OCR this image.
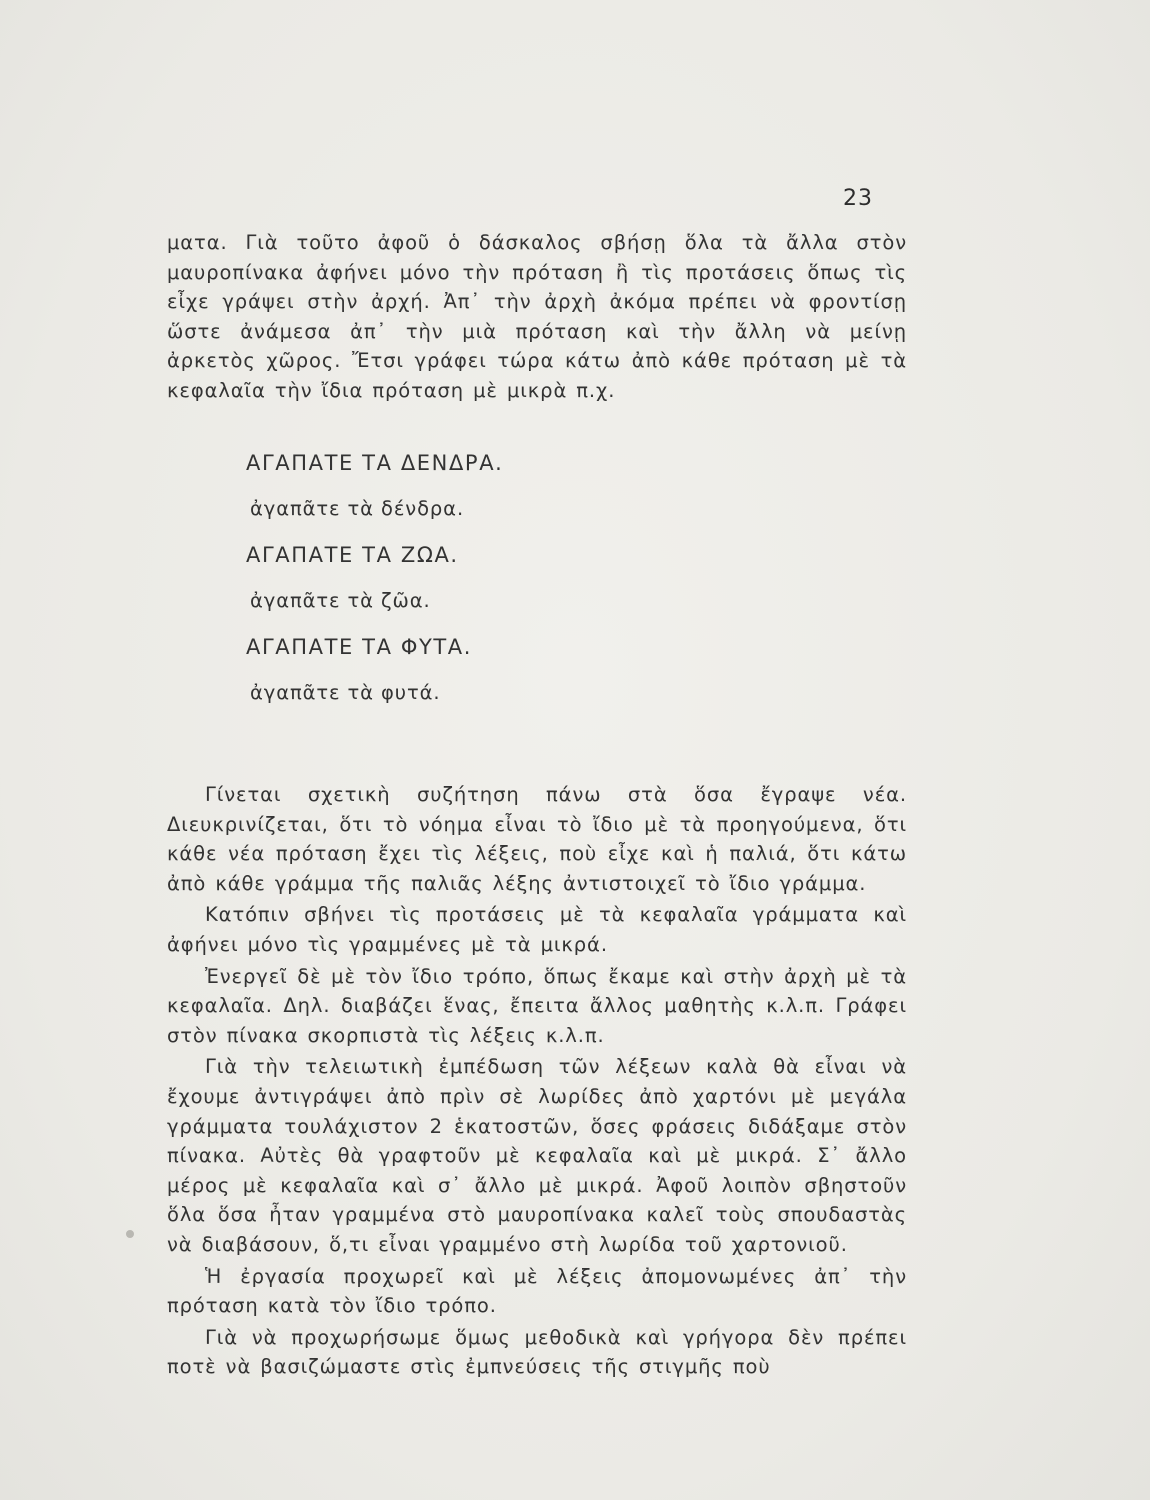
23

ματα. Γιὰ τοῦτο ἀφοῦ ὁ δάσκαλος σβήσῃ ὅλα τὰ ἄλλα στὸν μαυροπίνακα ἀφήνει μόνο τὴν πρόταση ἢ τὶς προτάσεις ὅπως τὶς εἶχε γράψει στὴν ἀρχή. Ἀπ᾽ τὴν ἀρχὴ ἀκόμα πρέπει νὰ φροντίσῃ ὥστε ἀνάμεσα ἀπ᾽ τὴν μιὰ πρόταση καὶ τὴν ἄλλη νὰ μείνῃ ἀρκετὸς χῶρος. Ἔτσι γράφει τώρα κάτω ἀπὸ κάθε πρόταση μὲ τὰ κεφαλαῖα τὴν ἴδια πρόταση μὲ μικρὰ π.χ.

ΑΓΑΠΑΤΕ ΤΑ ΔΕΝΔΡΑ.

ἀγαπᾶτε τὰ δένδρα.

ΑΓΑΠΑΤΕ ΤΑ ΖΩΑ.

ἀγαπᾶτε τὰ ζῶα.

ΑΓΑΠΑΤΕ ΤΑ ΦΥΤΑ.

ἀγαπᾶτε τὰ φυτά.

Γίνεται σχετικὴ συζήτηση πάνω στὰ ὅσα ἔγραψε νέα. Διευκρινίζεται, ὅτι τὸ νόημα εἶναι τὸ ἴδιο μὲ τὰ προηγούμενα, ὅτι κάθε νέα πρόταση ἔχει τὶς λέξεις, ποὺ εἶχε καὶ ἡ παλιά, ὅτι κάτω ἀπὸ κάθε γράμμα τῆς παλιᾶς λέξης ἀντιστοιχεῖ τὸ ἴδιο γράμμα.

Κατόπιν σβήνει τὶς προτάσεις μὲ τὰ κεφαλαῖα γράμματα καὶ ἀφήνει μόνο τὶς γραμμένες μὲ τὰ μικρά.

Ἐνεργεῖ δὲ μὲ τὸν ἴδιο τρόπο, ὅπως ἔκαμε καὶ στὴν ἀρχὴ μὲ τὰ κεφαλαῖα. Δηλ. διαβάζει ἕνας, ἔπειτα ἄλλος μαθητὴς κ.λ.π. Γράφει στὸν πίνακα σκορπιστὰ τὶς λέξεις κ.λ.π.

Γιὰ τὴν τελειωτικὴ ἐμπέδωση τῶν λέξεων καλὰ θὰ εἶναι νὰ ἔχουμε ἀντιγράψει ἀπὸ πρὶν σὲ λωρίδες ἀπὸ χαρτόνι μὲ μεγάλα γράμματα τουλάχιστον 2 ἑκατοστῶν, ὅσες φράσεις διδάξαμε στὸν πίνακα. Αὐτὲς θὰ γραφτοῦν μὲ κεφαλαῖα καὶ μὲ μικρά. Σ᾽ ἄλλο μέρος μὲ κεφαλαῖα καὶ σ᾽ ἄλλο μὲ μικρά. Ἀφοῦ λοιπὸν σβηστοῦν ὅλα ὅσα ἦταν γραμμένα στὸ μαυροπίνακα καλεῖ τοὺς σπουδαστὰς νὰ διαβάσουν, ὅ,τι εἶναι γραμμένο στὴ λωρίδα τοῦ χαρτονιοῦ.

Ἡ ἐργασία προχωρεῖ καὶ μὲ λέξεις ἀπομονωμένες ἀπ᾽ τὴν πρόταση κατὰ τὸν ἴδιο τρόπο.

Γιὰ νὰ προχωρήσωμε ὅμως μεθοδικὰ καὶ γρήγορα δὲν πρέπει ποτὲ νὰ βασιζώμαστε στὶς ἐμπνεύσεις τῆς στιγμῆς ποὺ
